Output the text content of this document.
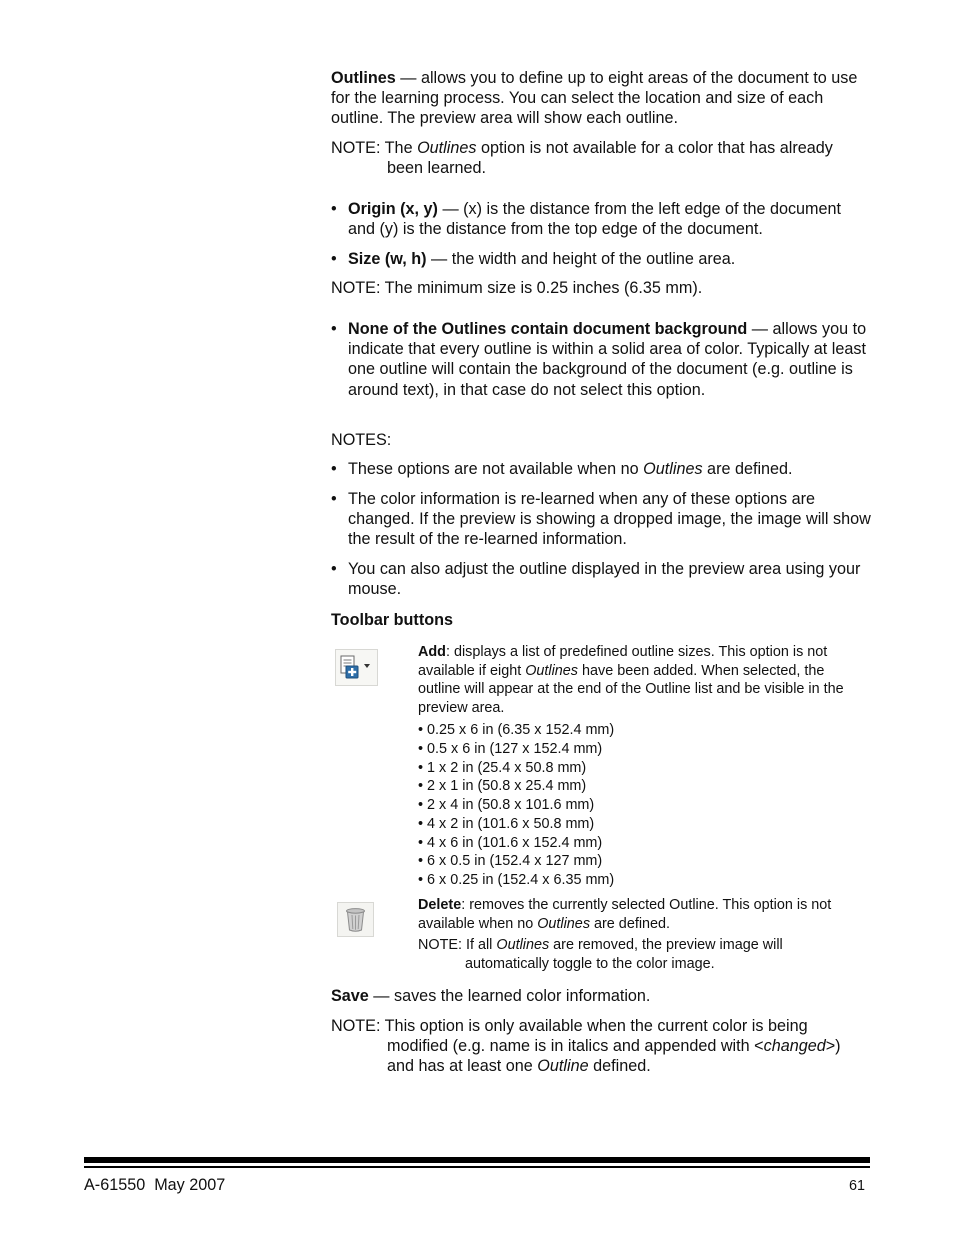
Outlines — allows you to define up to eight areas of the document to use for the learning process. You can select the location and size of each outline. The preview area will show each outline.

NOTE: The Outlines option is not available for a color that has already been learned.

• Origin (x, y) — (x) is the distance from the left edge of the document and (y) is the distance from the top edge of the document.

• Size (w, h) — the width and height of the outline area.

NOTE: The minimum size is 0.25 inches (6.35 mm).

• None of the Outlines contain document background — allows you to indicate that every outline is within a solid area of color. Typically at least one outline will contain the background of the document (e.g. outline is around text), in that case do not select this option.

NOTES:

• These options are not available when no Outlines are defined.

• The color information is re-learned when any of these options are changed. If the preview is showing a dropped image, the image will show the result of the re-learned information.

• You can also adjust the outline displayed in the preview area using your mouse.

Toolbar buttons

Add: displays a list of predefined outline sizes. This option is not available if eight Outlines have been added. When selected, the outline will appear at the end of the Outline list and be visible in the preview area.

• 0.25 x 6 in (6.35 x 152.4 mm)
• 0.5 x 6 in (127 x 152.4 mm)
• 1 x 2 in (25.4 x 50.8 mm)
• 2 x 1 in (50.8 x 25.4 mm)
• 2 x 4 in (50.8 x 101.6 mm)
• 4 x 2 in (101.6 x 50.8 mm)
• 4 x 6 in (101.6 x 152.4 mm)
• 6 x 0.5 in (152.4 x 127 mm)
• 6 x 0.25 in (152.4 x 6.35 mm)

Delete: removes the currently selected Outline. This option is not available when no Outlines are defined.

NOTE: If all Outlines are removed, the preview image will automatically toggle to the color image.

Save — saves the learned color information.

NOTE: This option is only available when the current color is being modified (e.g. name is in italics and appended with <changed>) and has at least one Outline defined.

A-61550  May 2007	61
